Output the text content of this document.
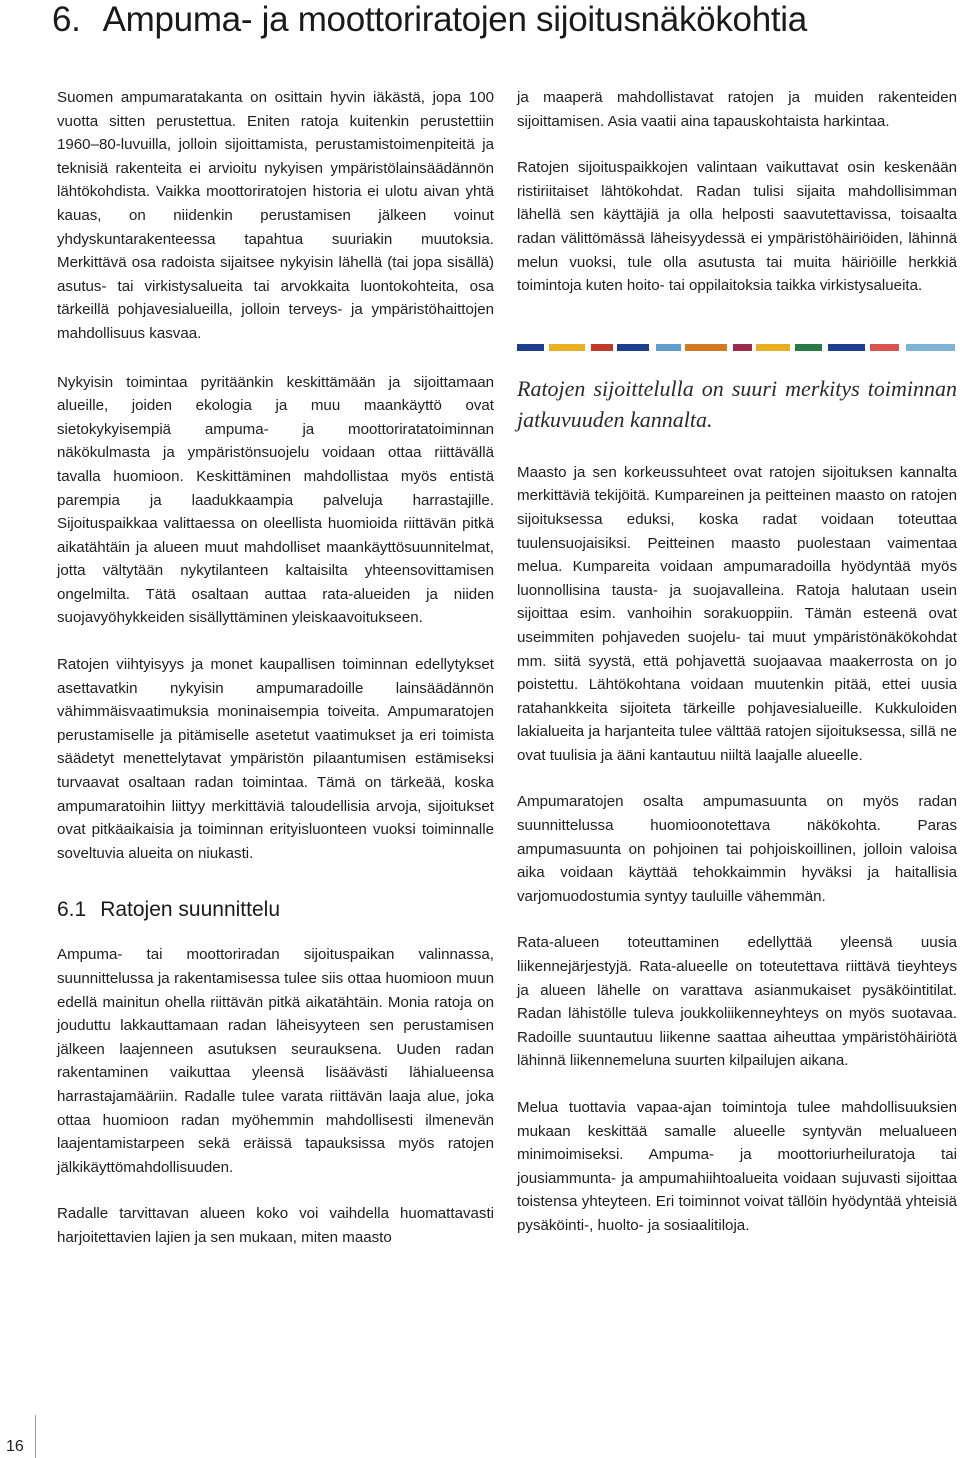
6. Ampuma- ja moottoriratojen sijoitusnäkökohtia

Suomen ampumaratakanta on osittain hyvin iäkästä, jopa 100 vuotta sitten perustettua. Eniten ratoja kuitenkin perustettiin 1960–80-luvuilla, jolloin sijoittamista, perustamistoimenpiteitä ja teknisiä rakenteita ei arvioitu nykyisen ympäristölainsäädännön lähtökohdista. Vaikka moottoriratojen historia ei ulotu aivan yhtä kauas, on niidenkin perustamisen jälkeen voinut yhdyskuntarakenteessa tapahtua suuriakin muutoksia. Merkittävä osa radoista sijaitsee nykyisin lähellä (tai jopa sisällä) asutus- tai virkistysalueita tai arvokkaita luontokohteita, osa tärkeillä pohjavesialueilla, jolloin terveys- ja ympäristöhaittojen mahdollisuus kasvaa.

Nykyisin toimintaa pyritäänkin keskittämään ja sijoittamaan alueille, joiden ekologia ja muu maankäyttö ovat sietokykyisempiä ampuma- ja moottoriratatoiminnan näkökulmasta ja ympäristönsuojelu voidaan ottaa riittävällä tavalla huomioon. Keskittäminen mahdollistaa myös entistä parempia ja laadukkaampia palveluja harrastajille. Sijoituspaikkaa valittaessa on oleellista huomioida riittävän pitkä aikatähtäin ja alueen muut mahdolliset maankäyttösuunnitelmat, jotta vältytään nykytilanteen kaltaisilta yhteensovittamisen ongelmilta. Tätä osaltaan auttaa rata-alueiden ja niiden suojavyöhykkeiden sisällyttäminen yleiskaavoitukseen.

Ratojen viihtyisyys ja monet kaupallisen toiminnan edellytykset asettavatkin nykyisin ampumaradoille lainsäädännön vähimmäisvaatimuksia moninaisempia toiveita. Ampumaratojen perustamiselle ja pitämiselle asetetut vaatimukset ja eri toimista säädetyt menettelytavat ympäristön pilaantumisen estämiseksi turvaavat osaltaan radan toimintaa. Tämä on tärkeää, koska ampumaratoihin liittyy merkittäviä taloudellisia arvoja, sijoitukset ovat pitkäaikaisia ja toiminnan erityisluonteen vuoksi toiminnalle soveltuvia alueita on niukasti.

6.1 Ratojen suunnittelu

Ampuma- tai moottoriradan sijoituspaikan valinnassa, suunnittelussa ja rakentamisessa tulee siis ottaa huomioon muun edellä mainitun ohella riittävän pitkä aikatähtäin. Monia ratoja on jouduttu lakkauttamaan radan läheisyyteen sen perustamisen jälkeen laajenneen asutuksen seurauksena. Uuden radan rakentaminen vaikuttaa yleensä lisäävästi lähialueensa harrastajamääriin. Radalle tulee varata riittävän laaja alue, joka ottaa huomioon radan myöhemmin mahdollisesti ilmenevän laajentamistarpeen sekä eräissä tapauksissa myös ratojen jälkikäyttömahdollisuuden.

Radalle tarvittavan alueen koko voi vaihdella huomattavasti harjoitettavien lajien ja sen mukaan, miten maasto

ja maaperä mahdollistavat ratojen ja muiden rakenteiden sijoittamisen. Asia vaatii aina tapauskohtaista harkintaa.

Ratojen sijoituspaikkojen valintaan vaikuttavat osin keskenään ristiriitaiset lähtökohdat. Radan tulisi sijaita mahdollisimman lähellä sen käyttäjiä ja olla helposti saavutettavissa, toisaalta radan välittömässä läheisyydessä ei ympäristöhäiriöiden, lähinnä melun vuoksi, tule olla asutusta tai muita häiriöille herkkiä toimintoja kuten hoito- tai oppilaitoksia taikka virkistysalueita.

Ratojen sijoittelulla on suuri merkitys toiminnan jatkuvuuden kannalta.

Maasto ja sen korkeussuhteet ovat ratojen sijoituksen kannalta merkittäviä tekijöitä. Kumpareinen ja peitteinen maasto on ratojen sijoituksessa eduksi, koska radat voidaan toteuttaa tuulensuojaisiksi. Peitteinen maasto puolestaan vaimentaa melua. Kumpareita voidaan ampumaradoilla hyödyntää myös luonnollisina tausta- ja suojavalleina. Ratoja halutaan usein sijoittaa esim. vanhoihin sorakuoppiin. Tämän esteenä ovat useimmiten pohjaveden suojelu- tai muut ympäristönäkökohdat mm. siitä syystä, että pohjavettä suojaavaa maakerrosta on jo poistettu. Lähtökohtana voidaan muutenkin pitää, ettei uusia ratahankkeita sijoiteta tärkeille pohjavesialueille. Kukkuloiden lakialueita ja harjanteita tulee välttää ratojen sijoituksessa, sillä ne ovat tuulisia ja ääni kantautuu niiltä laajalle alueelle.

Ampumaratojen osalta ampumasuunta on myös radan suunnittelussa huomioonotettava näkökohta. Paras ampumasuunta on pohjoinen tai pohjoiskoillinen, jolloin valoisa aika voidaan käyttää tehokkaimmin hyväksi ja haitallisia varjomuodostumia syntyy tauluille vähemmän.

Rata-alueen toteuttaminen edellyttää yleensä uusia liikennejärjestyjä. Rata-alueelle on toteutettava riittävä tieyhteys ja alueen lähelle on varattava asianmukaiset pysäköintitilat. Radan lähistölle tuleva joukkoliikenneyhteys on myös suotavaa. Radoille suuntautuu liikenne saattaa aiheuttaa ympäristöhäiriötä lähinnä liikennemeluna suurten kilpailujen aikana.

Melua tuottavia vapaa-ajan toimintoja tulee mahdollisuuksien mukaan keskittää samalle alueelle syntyvän melualueen minimoimiseksi. Ampuma- ja moottoriurheiluratoja tai jousiammunta- ja ampumahiihtoalueita voidaan sujuvasti sijoittaa toistensa yhteyteen. Eri toiminnot voivat tällöin hyödyntää yhteisiä pysäköinti-, huolto- ja sosiaalitiloja.

16
